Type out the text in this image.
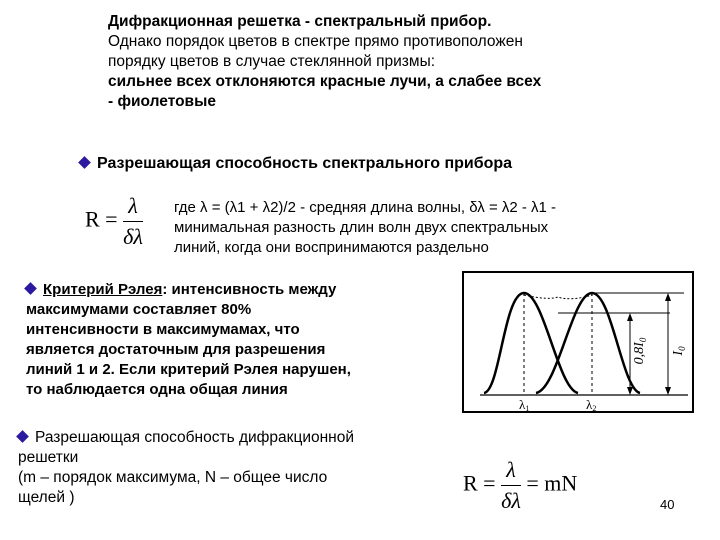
Дифракционная решетка - спектральный прибор.
Однако порядок цветов в спектре прямо противоположен
порядку цветов в случае стеклянной призмы:
сильнее всех отклоняются красные лучи, а слабее всех
- фиолетовые
Разрешающая способность спектрального прибора
$R = \frac{\lambda}{\delta\lambda}$ где λ = (λ1 + λ2)/2 - средняя длина волны, δλ = λ2 - λ1 -
минимальная разность длин волн двух спектральных
линий, когда они воспринимаются раздельно
Критерий Рэлея: интенсивность между
максимумами составляет 80%
интенсивности в максимумамах, что
является достаточным для разрешения
линий 1 и 2. Если критерий Рэлея нарушен,
то наблюдается одна общая линия
$0,8I_0$
$I_0$
λ1	λ2
Разрешающая способность дифракционной
решетки
(m – порядок максимума, N – общее число
щелей )
$R = \frac{\lambda}{\delta\lambda}$ = mN
40
